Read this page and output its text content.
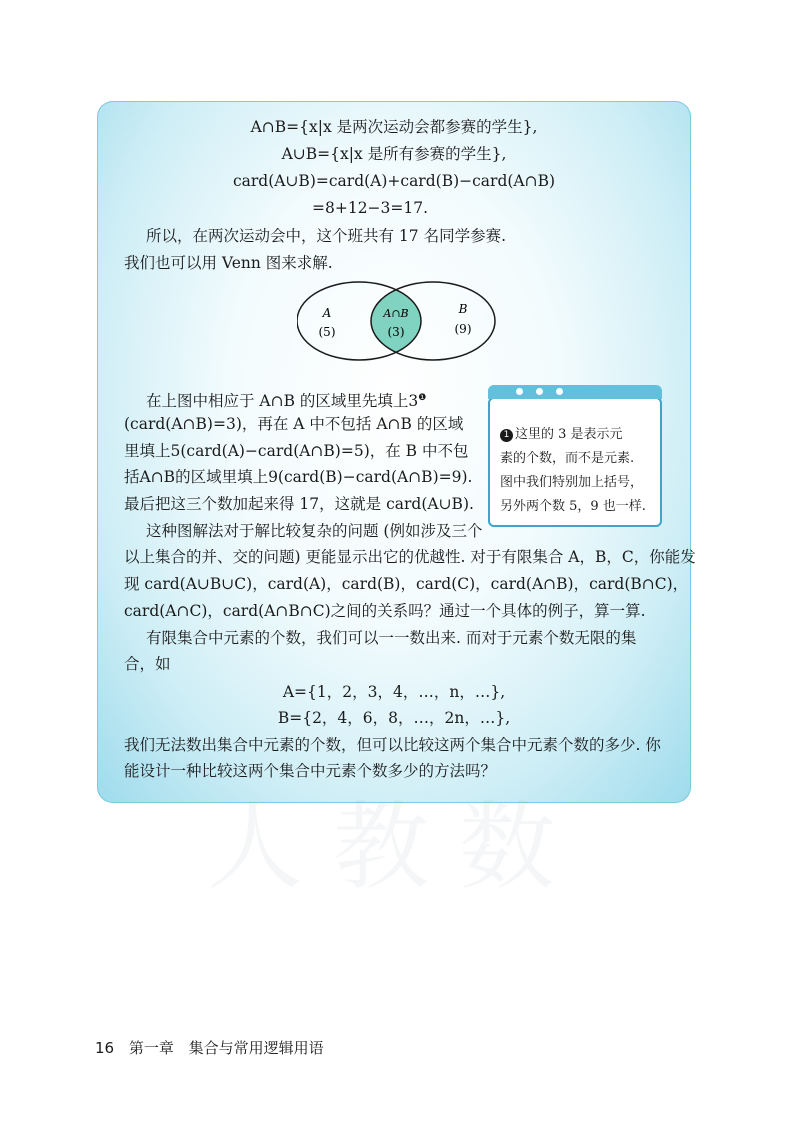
人教数
A∩B={x|x 是两次运动会都参赛的学生},
A∪B={x|x 是所有参赛的学生},
card(A∪B)=card(A)+card(B)−card(A∩B)
=8+12−3=17.
所以，在两次运动会中，这个班共有 17 名同学参赛.
我们也可以用 Venn 图来求解.
A
(5)
A∩B
(3)
B
(9)
在上图中相应于 A∩B 的区域里先填上$3^❶$
(card(A∩B)=3)，再在 A 中不包括 A∩B 的区域
里填上5(card(A)−card(A∩B)=5)，在 B 中不包
括A∩B的区域里填上9(card(B)−card(A∩B)=9).
最后把这三个数加起来得 17，这就是 card(A∪B).
1 这里的 3 是表示元
素的个数，而不是元素.
图中我们特别加上括号，
另外两个数 5，9 也一样.
这种图解法对于解比较复杂的问题 (例如涉及三个
以上集合的并、交的问题) 更能显示出它的优越性. 对于有限集合 A，B，C，你能发
现 card(A∪B∪C)，card(A)，card(B)，card(C)，card(A∩B)，card(B∩C)，
card(A∩C)，card(A∩B∩C)之间的关系吗？通过一个具体的例子，算一算.
有限集合中元素的个数，我们可以一一数出来. 而对于元素个数无限的集
合，如
A={1，2，3，4，…，n，…},
B={2，4，6，8，…，2n，…},
我们无法数出集合中元素的个数，但可以比较这两个集合中元素个数的多少. 你
能设计一种比较这两个集合中元素个数多少的方法吗？
16 第一章 集合与常用逻辑用语
